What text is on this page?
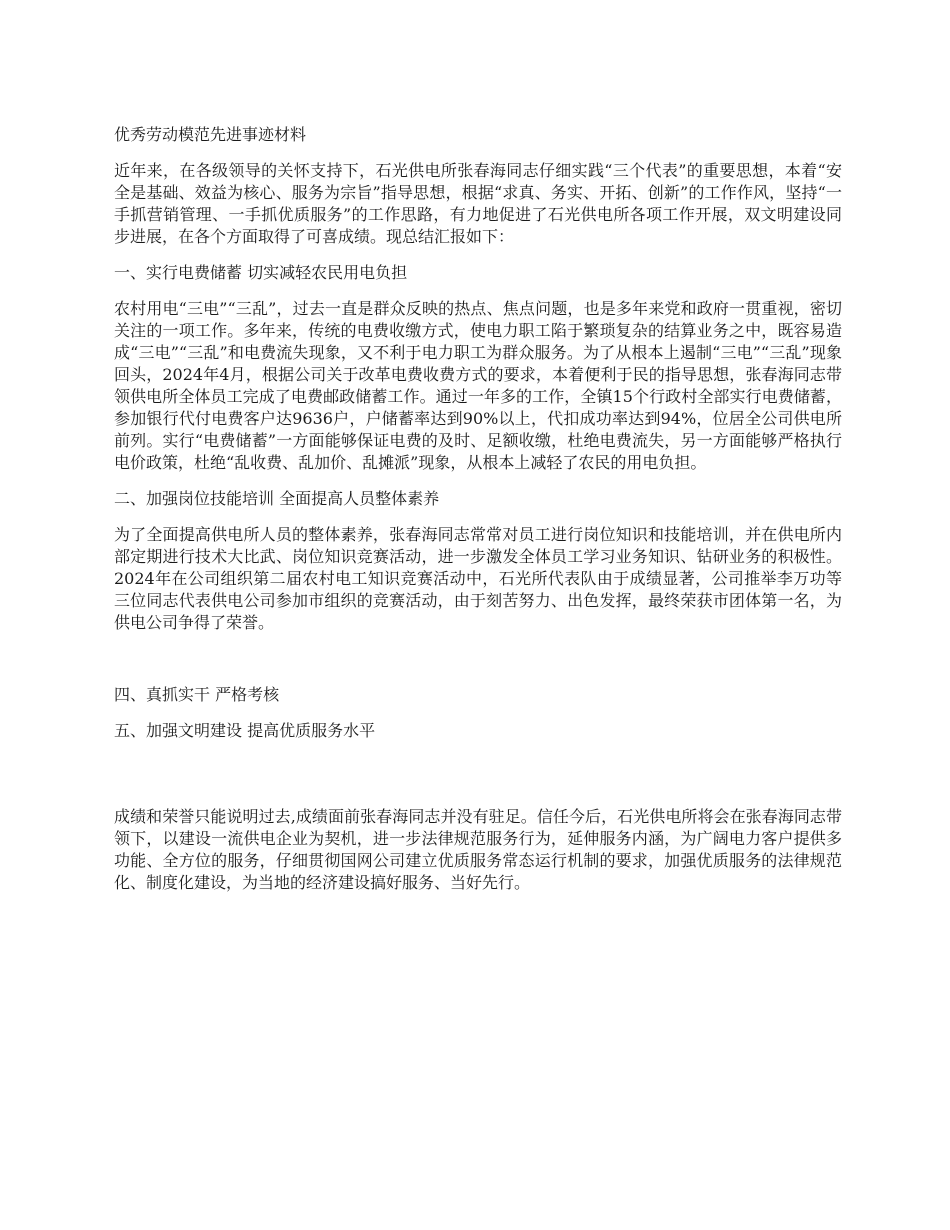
优秀劳动模范先进事迹材料

近年来，在各级领导的关怀支持下，石光供电所张春海同志仔细实践“三个代表”的重要思想，本着“安全是基础、效益为核心、服务为宗旨”指导思想，根据“求真、务实、开拓、创新”的工作作风，坚持“一手抓营销管理、一手抓优质服务”的工作思路，有力地促进了石光供电所各项工作开展，双文明建设同步进展，在各个方面取得了可喜成绩。现总结汇报如下：

一、实行电费储蓄 切实减轻农民用电负担

农村用电“三电”“三乱”，过去一直是群众反映的热点、焦点问题，也是多年来党和政府一贯重视，密切关注的一项工作。多年来，传统的电费收缴方式，使电力职工陷于繁琐复杂的结算业务之中，既容易造成“三电”“三乱”和电费流失现象，又不利于电力职工为群众服务。为了从根本上遏制“三电”“三乱”现象回头，2024年4月，根据公司关于改革电费收费方式的要求，本着便利于民的指导思想，张春海同志带领供电所全体员工完成了电费邮政储蓄工作。通过一年多的工作，全镇15个行政村全部实行电费储蓄，参加银行代付电费客户达9636户，户储蓄率达到90%以上，代扣成功率达到94%，位居全公司供电所前列。实行“电费储蓄”一方面能够保证电费的及时、足额收缴，杜绝电费流失，另一方面能够严格执行电价政策，杜绝“乱收费、乱加价、乱摊派”现象，从根本上减轻了农民的用电负担。

二、加强岗位技能培训 全面提高人员整体素养

为了全面提高供电所人员的整体素养，张春海同志常常对员工进行岗位知识和技能培训，并在供电所内部定期进行技术大比武、岗位知识竞赛活动，进一步激发全体员工学习业务知识、钻研业务的积极性。2024年在公司组织第二届农村电工知识竞赛活动中，石光所代表队由于成绩显著，公司推举李万功等三位同志代表供电公司参加市组织的竞赛活动，由于刻苦努力、出色发挥，最终荣获市团体第一名，为供电公司争得了荣誉。

四、真抓实干 严格考核

五、加强文明建设 提高优质服务水平

成绩和荣誉只能说明过去,成绩面前张春海同志并没有驻足。信任今后，石光供电所将会在张春海同志带领下，以建设一流供电企业为契机，进一步法律规范服务行为，延伸服务内涵，为广阔电力客户提供多功能、全方位的服务，仔细贯彻国网公司建立优质服务常态运行机制的要求，加强优质服务的法律规范化、制度化建设，为当地的经济建设搞好服务、当好先行。
